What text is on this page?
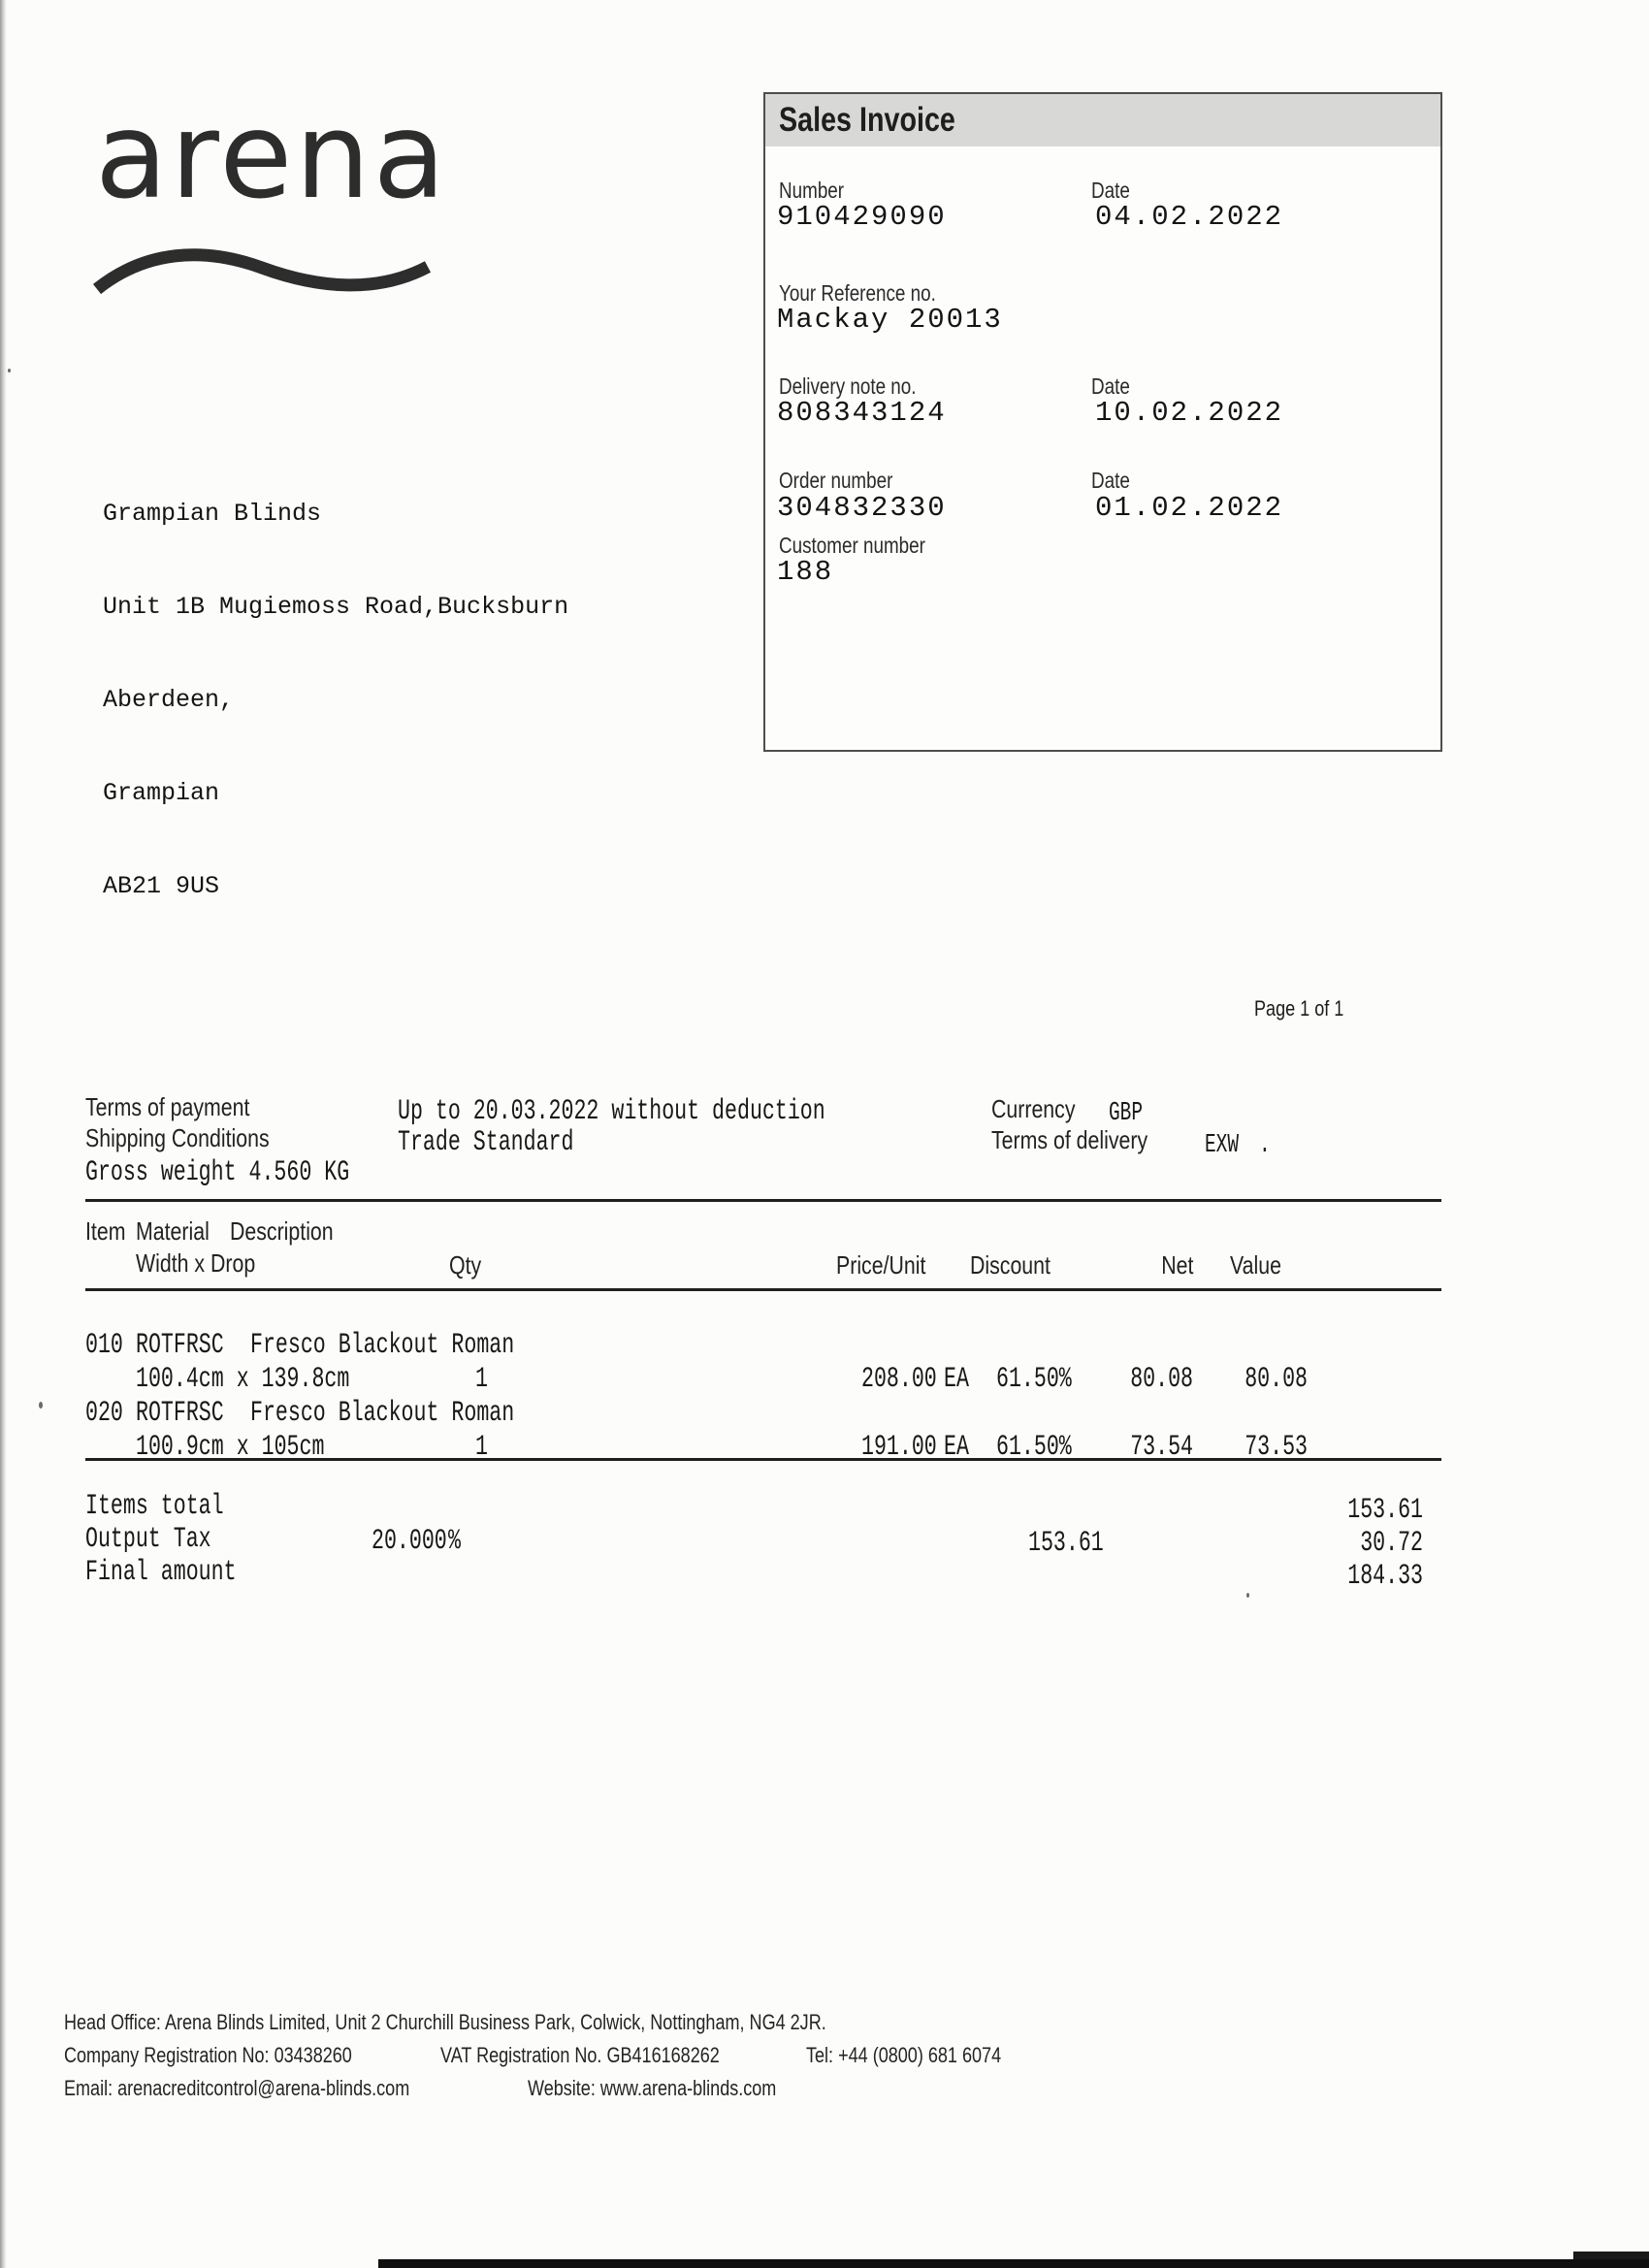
arena

Grampian Blinds

Unit 1B Mugiemoss Road,Bucksburn

Aberdeen,

Grampian

AB21 9US

Sales Invoice
Number
910429090
Date
04.02.2022
Your Reference no.
Mackay 20013
Delivery note no.
808343124
Date
10.02.2022
Order number
304832330
Date
01.02.2022
Customer number
188
Page 1 of 1
Terms of payment	Up to 20.03.2022 without deduction
Shipping Conditions	Trade Standard
Gross weight 4.560 KG
Currency	GBP
Terms of delivery	EXW .
Item Material Description
Width x Drop	Qty	Price/Unit	Discount	Net Value
010 ROTFRSC Fresco Blackout Roman
100.4cm x 139.8cm	1	208.00 EA 61.50% 80.08 80.08
020 ROTFRSC Fresco Blackout Roman
100.9cm x 105cm	1	191.00 EA 61.50% 73.54 73.53
Items total	153.61
Output Tax	20.000 %	153.61	30.72
Final amount	184.33
Head Office: Arena Blinds Limited, Unit 2 Churchill Business Park, Colwick, Nottingham, NG4 2JR.
Company Registration No: 03438260	VAT Registration No. GB416168262	Tel: +44 (0800) 681 6074
Email: arenacreditcontrol@arena-blinds.com	Website: www.arena-blinds.com
